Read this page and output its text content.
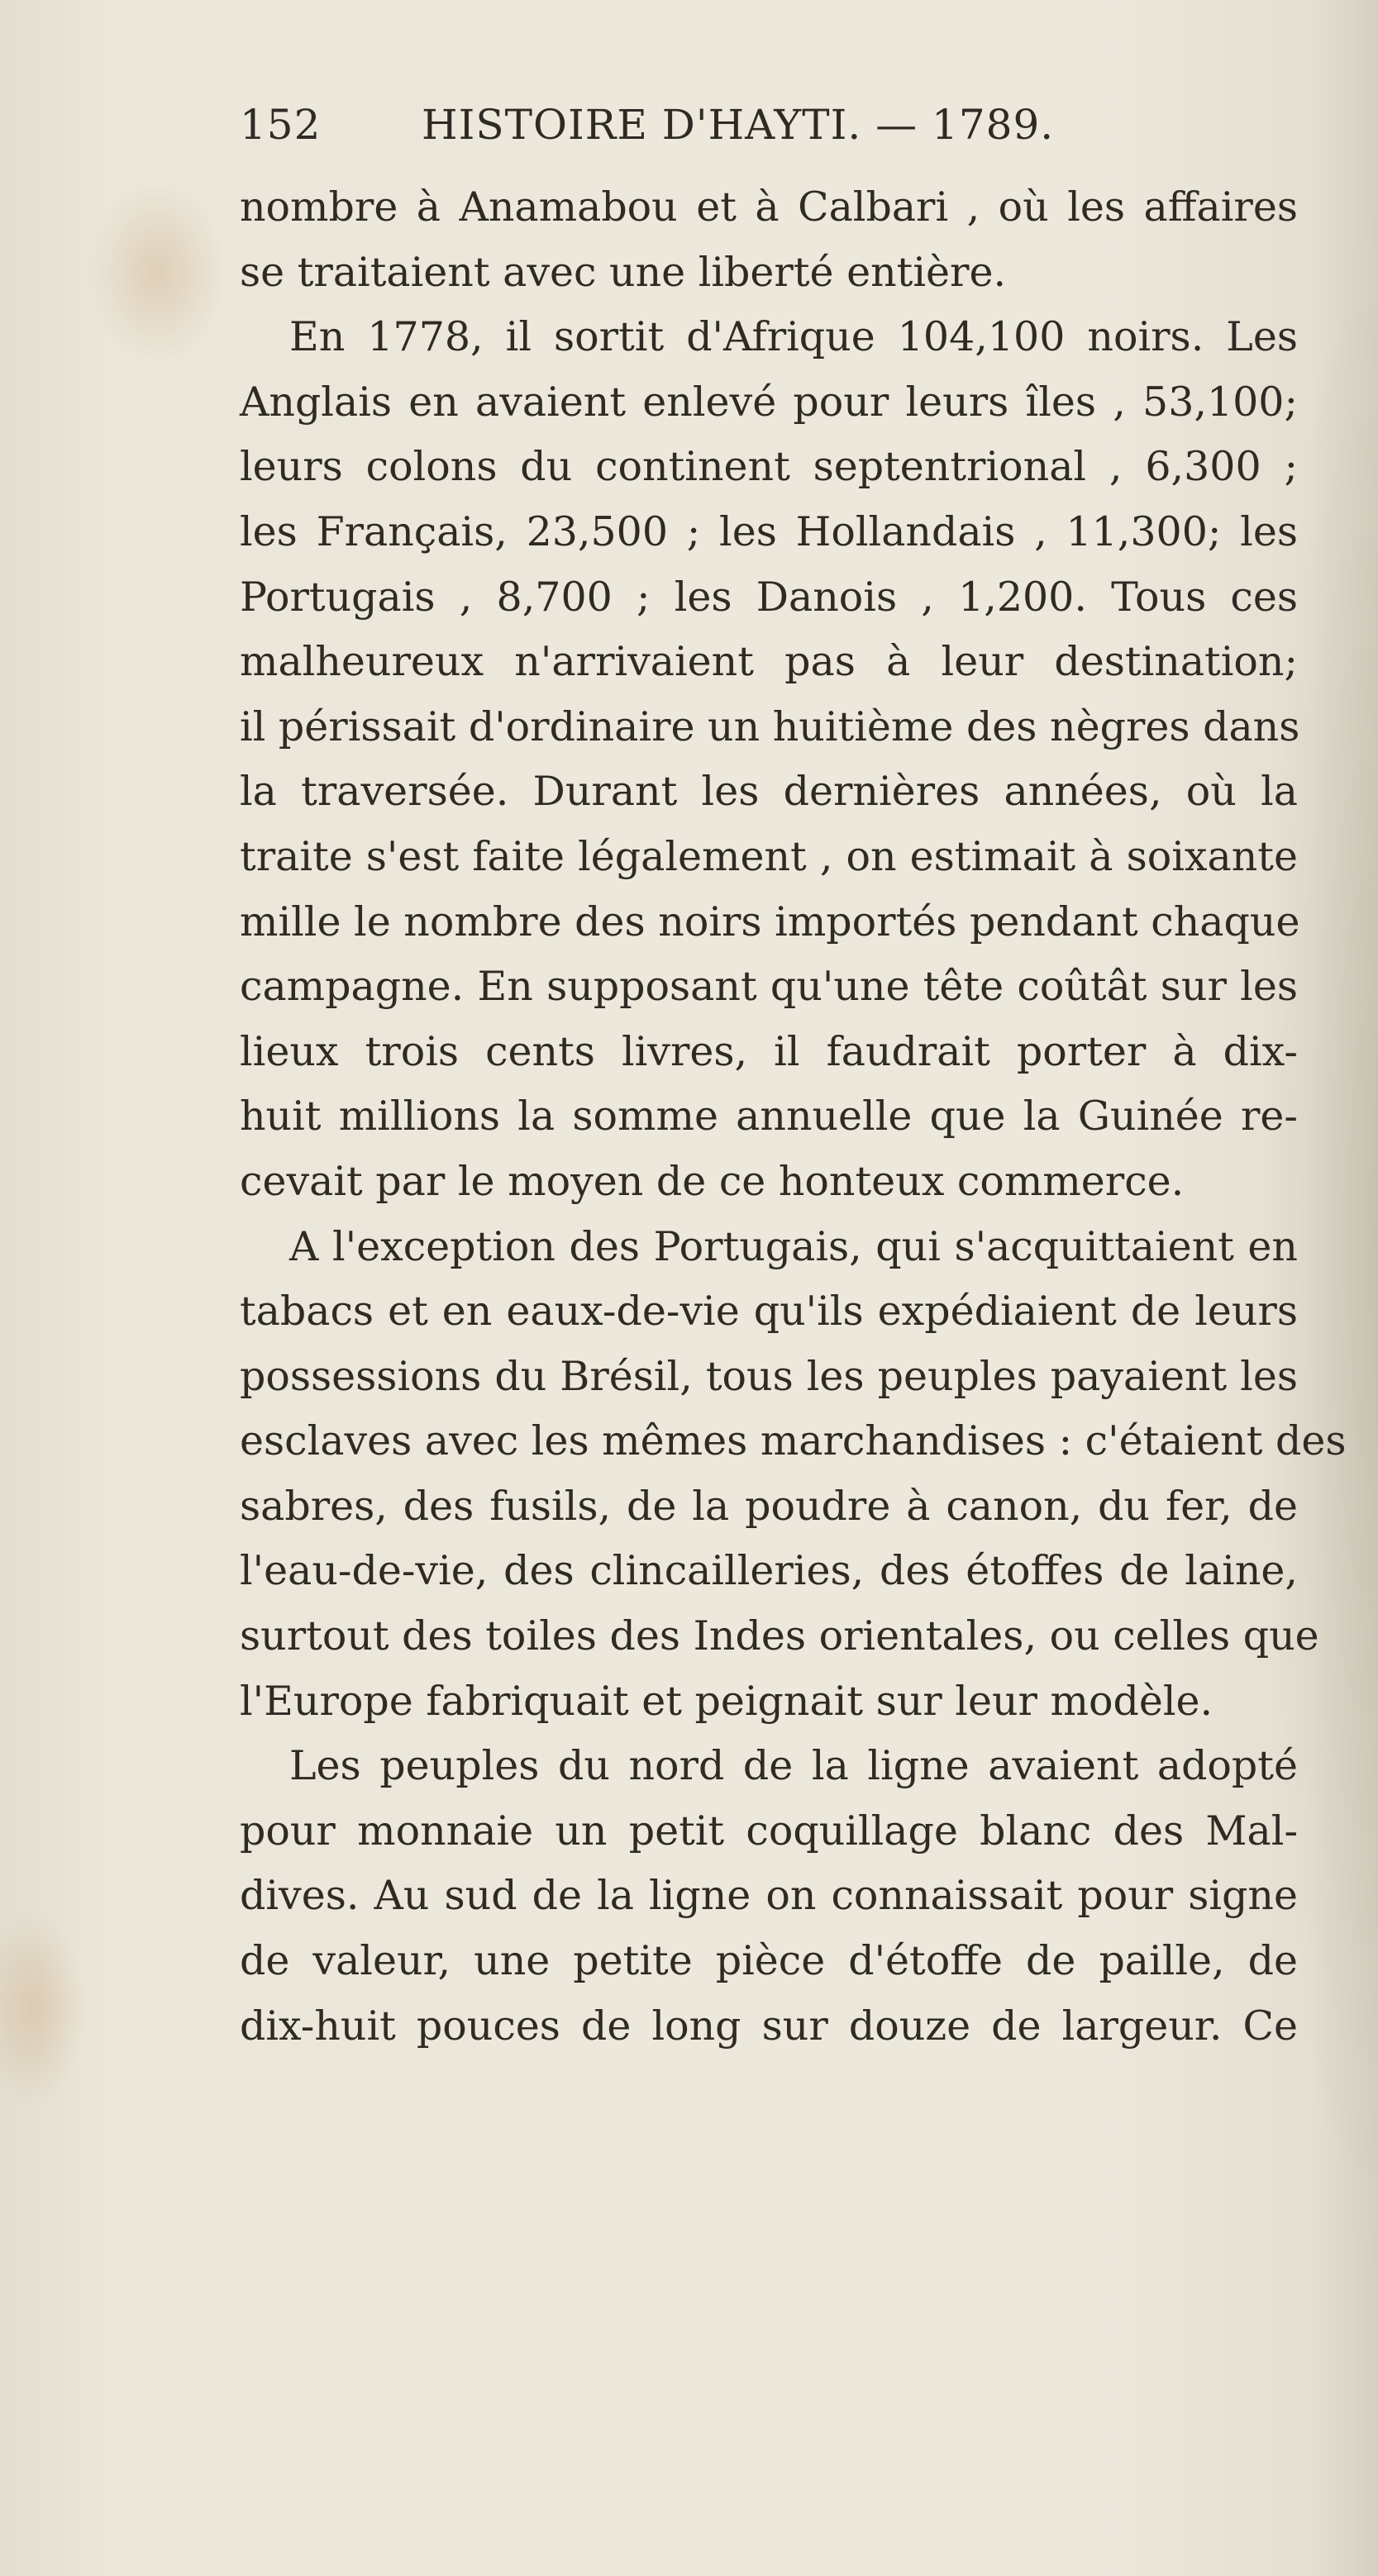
152 HISTOIRE D'HAYTI. — 1789.
nombre à Anamabou et à Calbari , où les affaires
se traitaient avec une liberté entière.
En 1778, il sortit d'Afrique 104,100 noirs. Les
Anglais en avaient enlevé pour leurs îles , 53,100;
leurs colons du continent septentrional , 6,300 ;
les Français, 23,500 ; les Hollandais , 11,300; les
Portugais , 8,700 ; les Danois , 1,200. Tous ces
malheureux n'arrivaient pas à leur destination;
il périssait d'ordinaire un huitième des nègres dans
la traversée. Durant les dernières années, où la
traite s'est faite légalement , on estimait à soixante
mille le nombre des noirs importés pendant chaque
campagne. En supposant qu'une tête coûtât sur les
lieux trois cents livres, il faudrait porter à dix-
huit millions la somme annuelle que la Guinée re-
cevait par le moyen de ce honteux commerce.
A l'exception des Portugais, qui s'acquittaient en
tabacs et en eaux-de-vie qu'ils expédiaient de leurs
possessions du Brésil, tous les peuples payaient les
esclaves avec les mêmes marchandises : c'étaient des
sabres, des fusils, de la poudre à canon, du fer, de
l'eau-de-vie, des clincailleries, des étoffes de laine,
surtout des toiles des Indes orientales, ou celles que
l'Europe fabriquait et peignait sur leur modèle.
Les peuples du nord de la ligne avaient adopté
pour monnaie un petit coquillage blanc des Mal-
dives. Au sud de la ligne on connaissait pour signe
de valeur, une petite pièce d'étoffe de paille, de
dix-huit pouces de long sur douze de largeur. Ce
